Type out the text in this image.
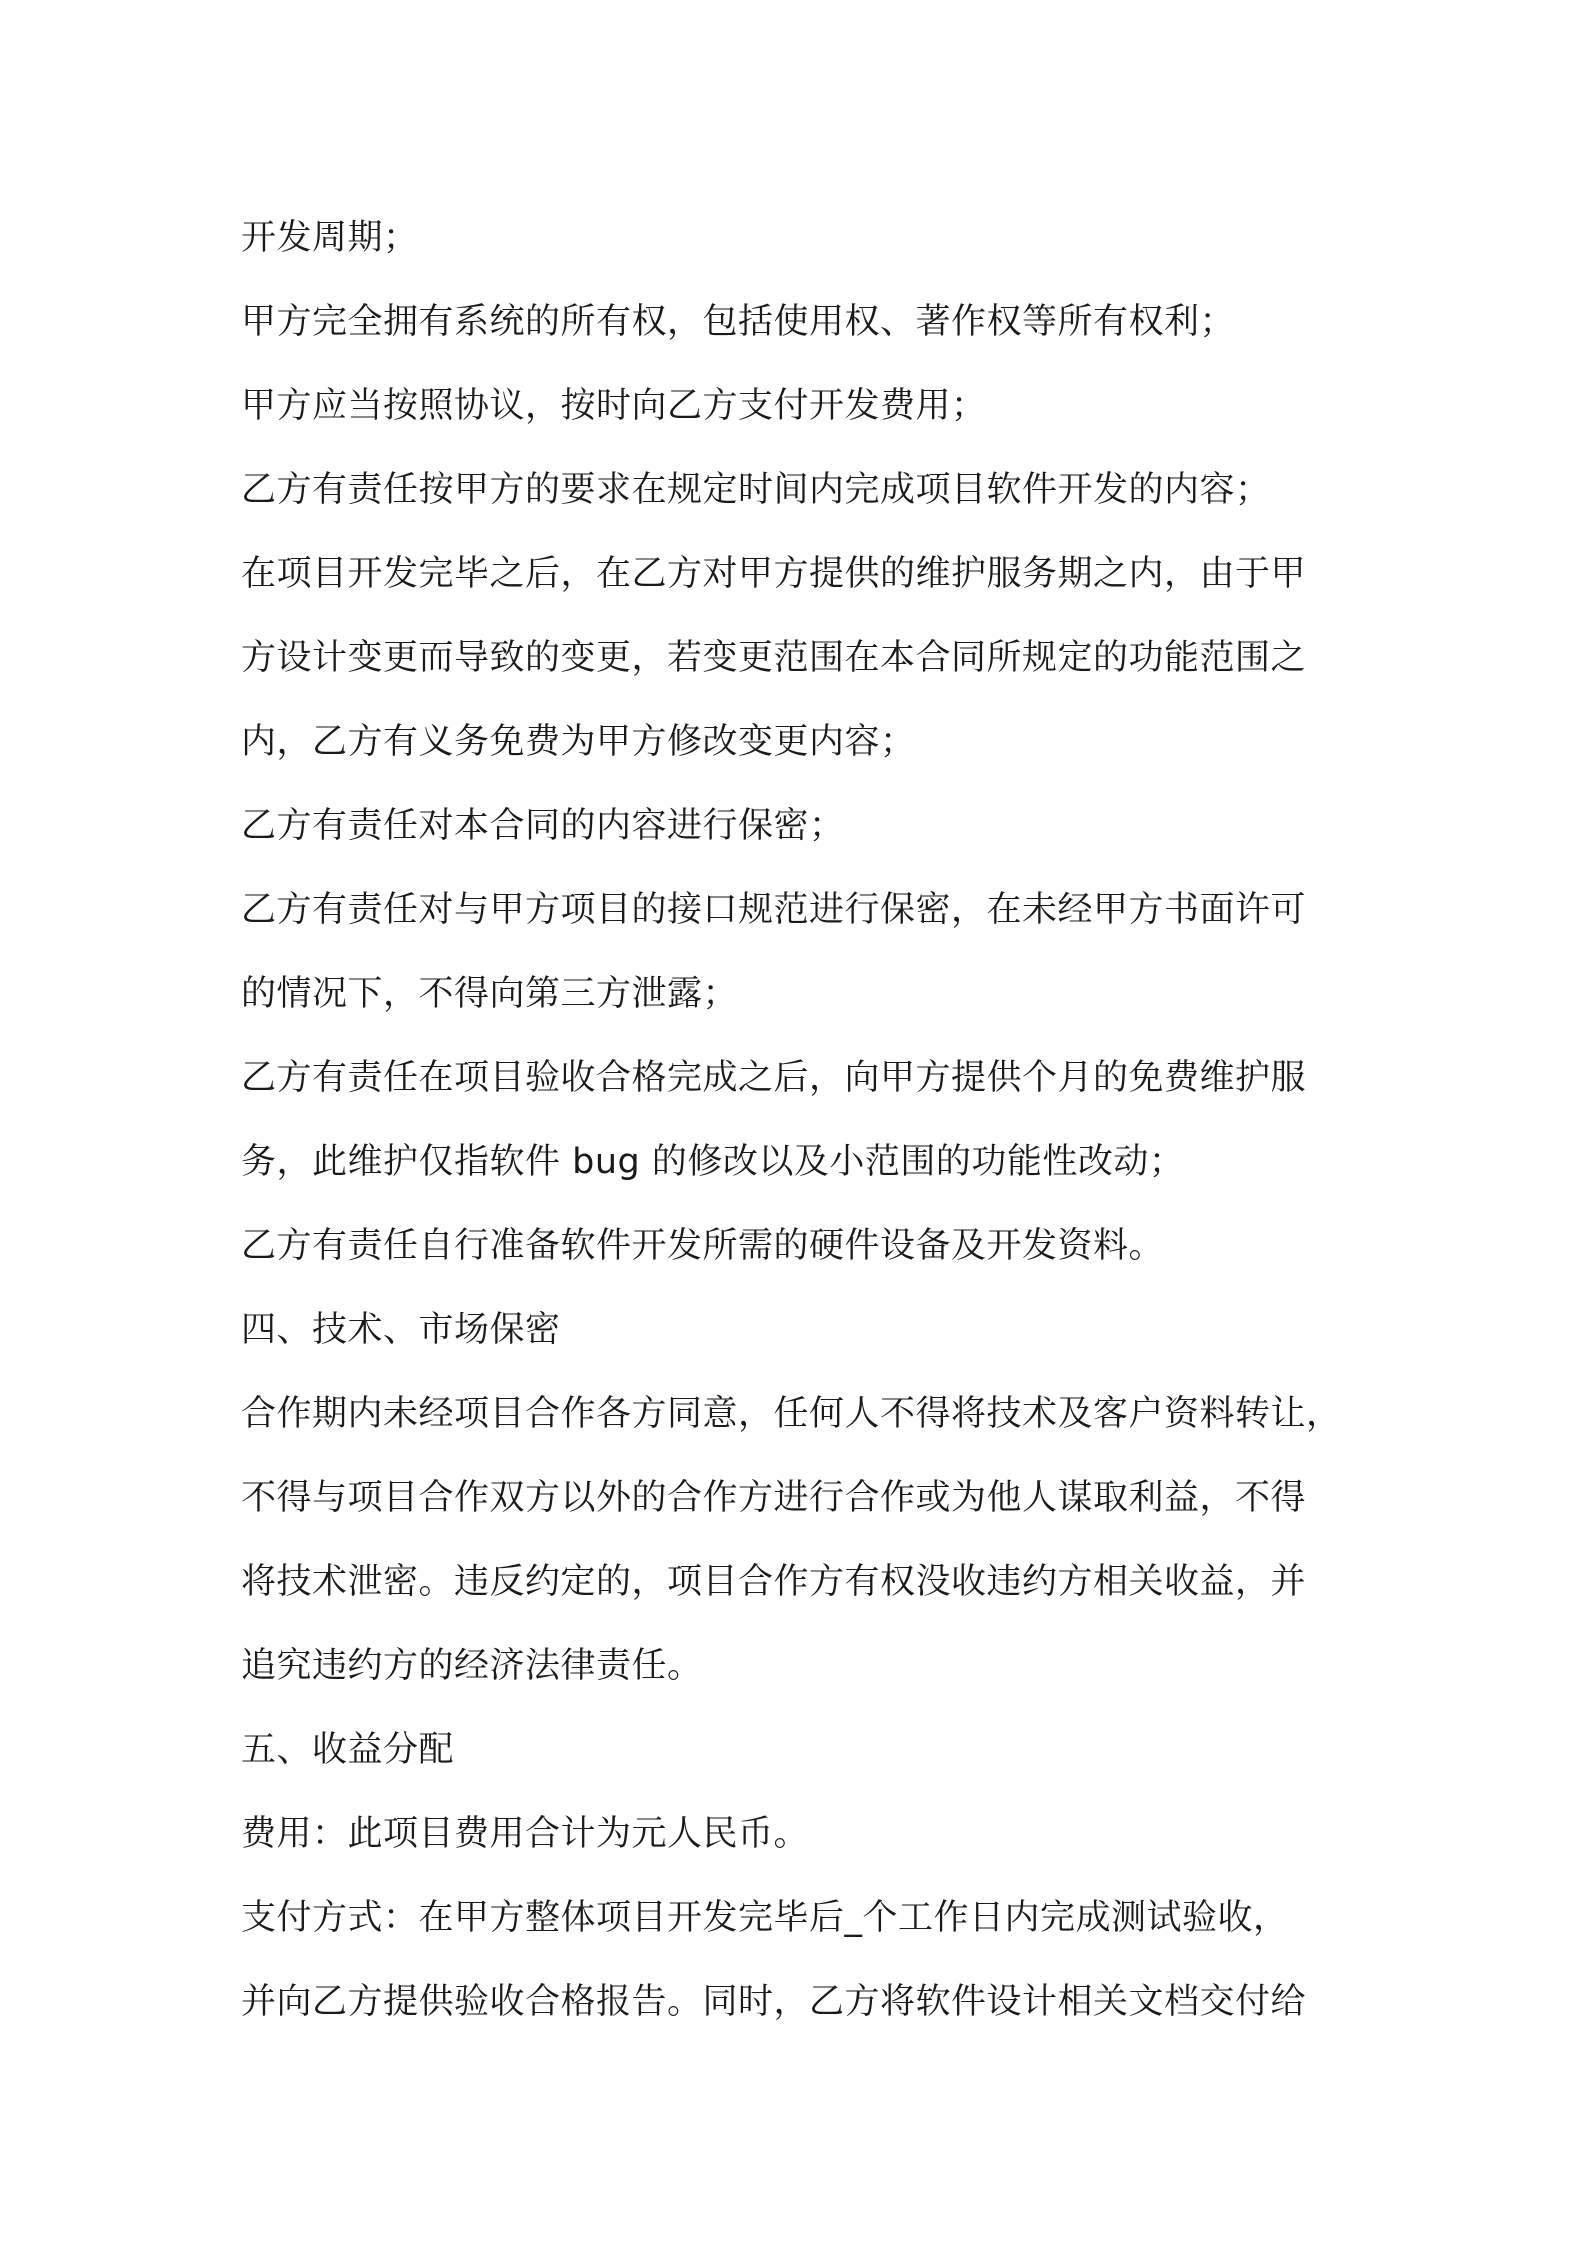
开发周期；
甲方完全拥有系统的所有权，包括使用权、著作权等所有权利；
甲方应当按照协议，按时向乙方支付开发费用；
乙方有责任按甲方的要求在规定时间内完成项目软件开发的内容；
在项目开发完毕之后，在乙方对甲方提供的维护服务期之内，由于甲
方设计变更而导致的变更，若变更范围在本合同所规定的功能范围之
内，乙方有义务免费为甲方修改变更内容；
乙方有责任对本合同的内容进行保密；
乙方有责任对与甲方项目的接口规范进行保密，在未经甲方书面许可
的情况下，不得向第三方泄露；
乙方有责任在项目验收合格完成之后，向甲方提供个月的免费维护服
务，此维护仅指软件 bug 的修改以及小范围的功能性改动；
乙方有责任自行准备软件开发所需的硬件设备及开发资料。
四、技术、市场保密
合作期内未经项目合作各方同意，任何人不得将技术及客户资料转让，
不得与项目合作双方以外的合作方进行合作或为他人谋取利益，不得
将技术泄密。违反约定的，项目合作方有权没收违约方相关收益，并
追究违约方的经济法律责任。
五、收益分配
费用：此项目费用合计为元人民币。
支付方式：在甲方整体项目开发完毕后_个工作日内完成测试验收，
并向乙方提供验收合格报告。同时，乙方将软件设计相关文档交付给
